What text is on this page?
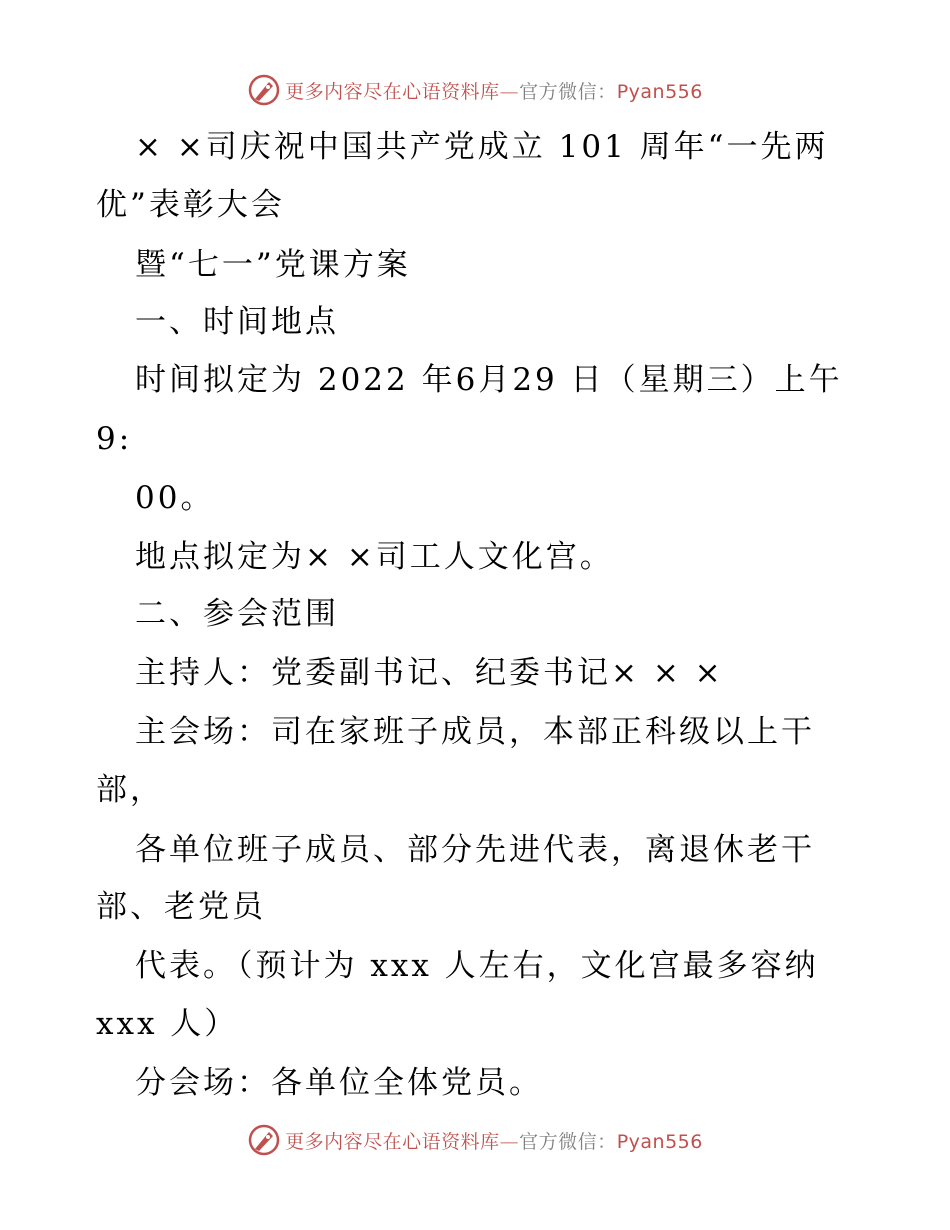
更多内容尽在心语资料库—官方微信：Pyan556
× ×司庆祝中国共产党成立 101 周年“一先两
优”表彰大会
暨“七一”党课方案
一、时间地点
时间拟定为 2022 年6月29 日（星期三）上午
9:
00。
地点拟定为× ×司工人文化宫。
二、参会范围
主持人：党委副书记、纪委书记× × ×
主会场：司在家班子成员，本部正科级以上干
部，
各单位班子成员、部分先进代表，离退休老干
部、老党员
代表。（预计为 xxx 人左右，文化宫最多容纳
xxx 人）
分会场：各单位全体党员。
更多内容尽在心语资料库—官方微信：Pyan556
